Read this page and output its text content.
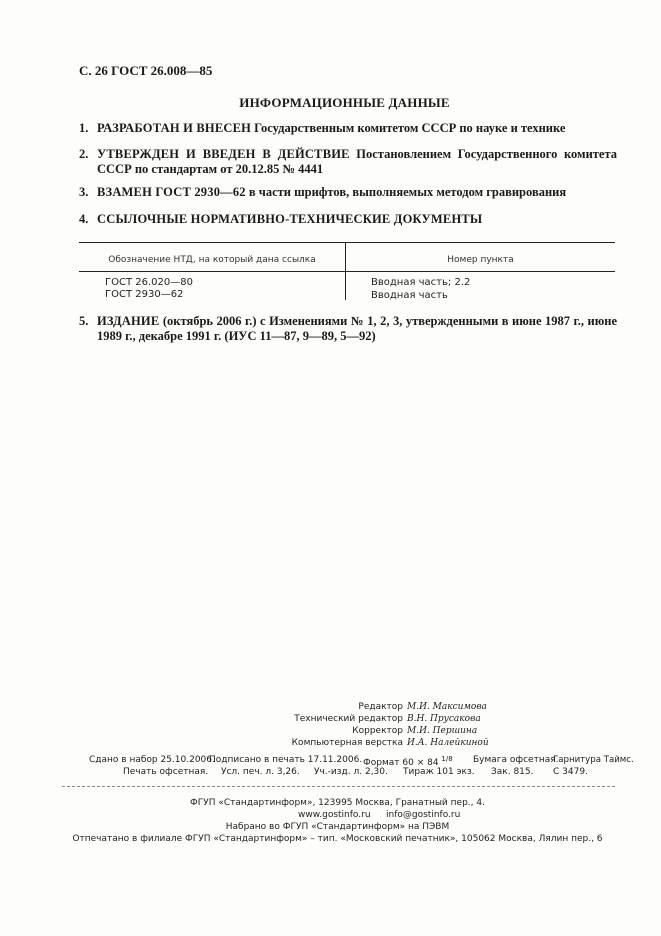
С. 26 ГОСТ 26.008—85
ИНФОРМАЦИОННЫЕ ДАННЫЕ
1. РАЗРАБОТАН И ВНЕСЕН Государственным комитетом СССР по науке и технике
2. УТВЕРЖДЕН И ВВЕДЕН В ДЕЙСТВИЕ Постановлением Государственного комитета СССР по стандартам от 20.12.85 № 4441
3. ВЗАМЕН ГОСТ 2930—62 в части шрифтов, выполняемых методом гравирования
4. ССЫЛОЧНЫЕ НОРМАТИВНО-ТЕХНИЧЕСКИЕ ДОКУМЕНТЫ
Обозначение НТД, на который дана ссылка	Номер пункта
ГОСТ 26.020—80	Вводная часть; 2.2
ГОСТ 2930—62	Вводная часть
5. ИЗДАНИЕ (октябрь 2006 г.) с Изменениями № 1, 2, 3, утвержденными в июне 1987 г., июне 1989 г., декабре 1991 г. (ИУС 11—87, 9—89, 5—92)
Редактор М.И. Максимова
Технический редактор В.Н. Прусакова
Корректор М.И. Першина
Компьютерная верстка И.А. Налейкиной
Сдано в набор 25.10.2006.
Подписано в печать 17.11.2006. Формат 60 × 84 $^{1/8}$ Бумага офсетная.
Гарнитура Таймс.
Печать офсетная. Усл. печ. л. 3,26. Уч.-изд. л. 2,30. Тираж 101 экз. Зак. 815. С 3479.
ФГУП «Стандартинформ», 123995 Москва, Гранатный пер., 4.
www.gostinfo.ru info@gostinfo.ru
Набрано во ФГУП «Стандартинформ» на ПЭВМ
Отпечатано в филиале ФГУП «Стандартинформ» – тип. «Московский печатник», 105062 Москва, Лялин пер., 6
